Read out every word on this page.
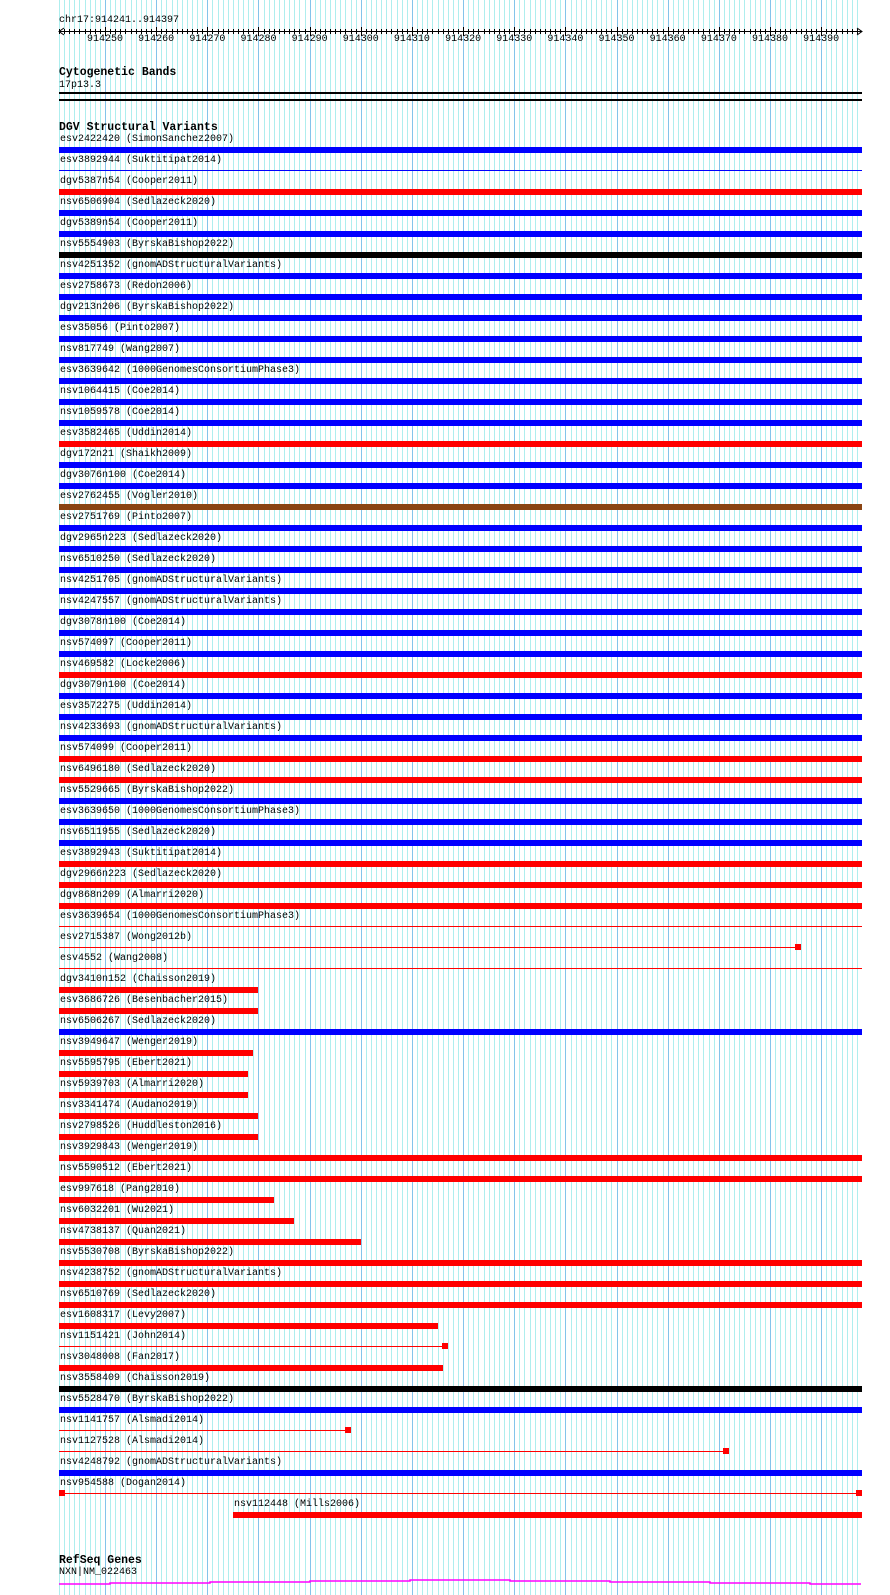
chr17:914241..914397
914250 914260 914270 914280 914290 914300 914310 914320 914330 914340 914350 914360 914370 914380 914390
Cytogenetic Bands
17p13.3
DGV Structural Variants
esv2422420 (SimonSanchez2007)
esv3892944 (Suktitipat2014)
dgv5387n54 (Cooper2011)
nsv6506904 (Sedlazeck2020)
dgv5389n54 (Cooper2011)
nsv5554903 (ByrskaBishop2022)
nsv4251352 (gnomADStructuralVariants)
esv2758673 (Redon2006)
dgv213n206 (ByrskaBishop2022)
esv35056 (Pinto2007)
nsv817749 (Wang2007)
esv3639642 (1000GenomesConsortiumPhase3)
nsv1064415 (Coe2014)
nsv1059578 (Coe2014)
esv3582465 (Uddin2014)
dgv172n21 (Shaikh2009)
dgv3076n100 (Coe2014)
esv2762455 (Vogler2010)
esv2751769 (Pinto2007)
dgv2965n223 (Sedlazeck2020)
nsv6510250 (Sedlazeck2020)
nsv4251705 (gnomADStructuralVariants)
nsv4247557 (gnomADStructuralVariants)
dgv3078n100 (Coe2014)
nsv574097 (Cooper2011)
nsv469582 (Locke2006)
dgv3079n100 (Coe2014)
esv3572275 (Uddin2014)
nsv4233693 (gnomADStructuralVariants)
nsv574099 (Cooper2011)
nsv6496180 (Sedlazeck2020)
nsv5529665 (ByrskaBishop2022)
esv3639650 (1000GenomesConsortiumPhase3)
nsv6511955 (Sedlazeck2020)
esv3892943 (Suktitipat2014)
dgv2966n223 (Sedlazeck2020)
dgv868n209 (Almarri2020)
esv3639654 (1000GenomesConsortiumPhase3)
esv2715387 (Wong2012b)
esv4552 (Wang2008)
dgv3410n152 (Chaisson2019)
esv3686726 (Besenbacher2015)
nsv6506267 (Sedlazeck2020)
nsv3949647 (Wenger2019)
nsv5595795 (Ebert2021)
nsv5939703 (Almarri2020)
nsv3341474 (Audano2019)
nsv2798526 (Huddleston2016)
nsv3929843 (Wenger2019)
nsv5590512 (Ebert2021)
esv997618 (Pang2010)
nsv6032201 (Wu2021)
nsv4738137 (Quan2021)
nsv5530708 (ByrskaBishop2022)
nsv4238752 (gnomADStructuralVariants)
nsv6510769 (Sedlazeck2020)
esv1608317 (Levy2007)
nsv1151421 (John2014)
nsv3048008 (Fan2017)
nsv3558409 (Chaisson2019)
nsv5528470 (ByrskaBishop2022)
nsv1141757 (Alsmadi2014)
nsv1127528 (Alsmadi2014)
nsv4248792 (gnomADStructuralVariants)
nsv954588 (Dogan2014)
nsv112448 (Mills2006)
RefSeq Genes
NXN|NM_022463
